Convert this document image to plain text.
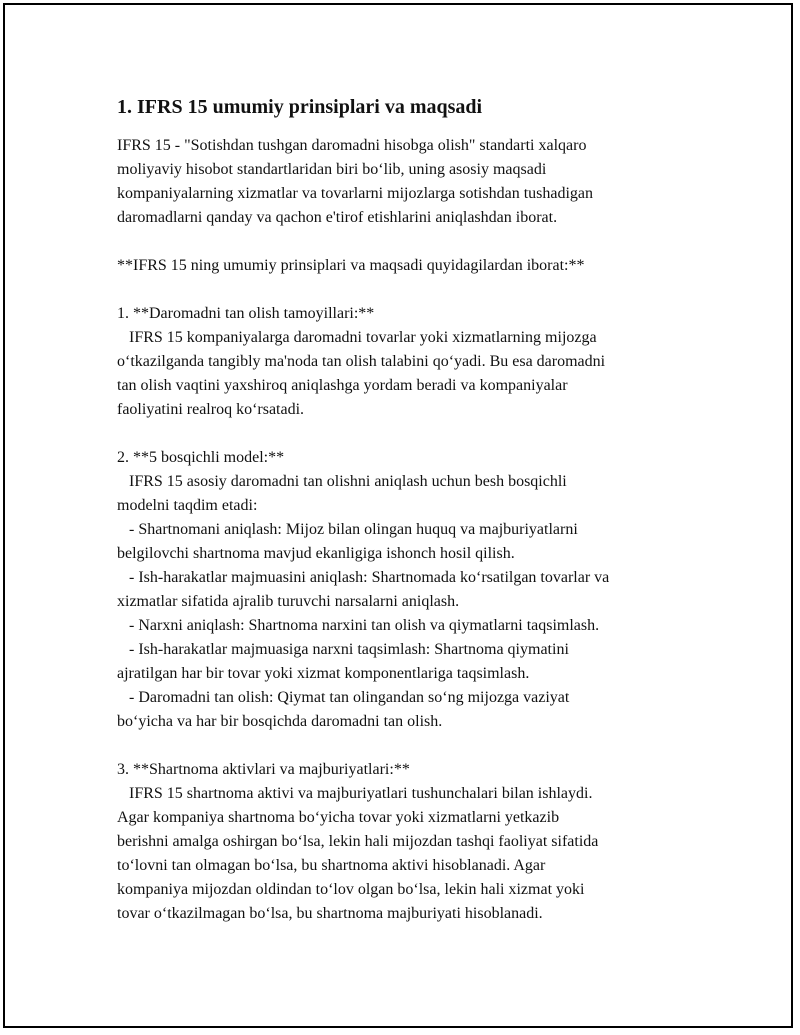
1. IFRS 15 umumiy prinsiplari va maqsadi
IFRS 15 - "Sotishdan tushgan daromadni hisobga olish" standarti xalqaro
moliyaviy hisobot standartlaridan biri bo‘lib, uning asosiy maqsadi
kompaniyalarning xizmatlar va tovarlarni mijozlarga sotishdan tushadigan
daromadlarni qanday va qachon e'tirof etishlarini aniqlashdan iborat.
**IFRS 15 ning umumiy prinsiplari va maqsadi quyidagilardan iborat:**
1. **Daromadni tan olish tamoyillari:**
IFRS 15 kompaniyalarga daromadni tovarlar yoki xizmatlarning mijozga
o‘tkazilganda tangibly ma'noda tan olish talabini qo‘yadi. Bu esa daromadni
tan olish vaqtini yaxshiroq aniqlashga yordam beradi va kompaniyalar
faoliyatini realroq ko‘rsatadi.
2. **5 bosqichli model:**
IFRS 15 asosiy daromadni tan olishni aniqlash uchun besh bosqichli
modelni taqdim etadi:
- Shartnomani aniqlash: Mijoz bilan olingan huquq va majburiyatlarni
belgilovchi shartnoma mavjud ekanligiga ishonch hosil qilish.
- Ish-harakatlar majmuasini aniqlash: Shartnomada ko‘rsatilgan tovarlar va
xizmatlar sifatida ajralib turuvchi narsalarni aniqlash.
- Narxni aniqlash: Shartnoma narxini tan olish va qiymatlarni taqsimlash.
- Ish-harakatlar majmuasiga narxni taqsimlash: Shartnoma qiymatini
ajratilgan har bir tovar yoki xizmat komponentlariga taqsimlash.
- Daromadni tan olish: Qiymat tan olingandan so‘ng mijozga vaziyat
bo‘yicha va har bir bosqichda daromadni tan olish.
3. **Shartnoma aktivlari va majburiyatlari:**
IFRS 15 shartnoma aktivi va majburiyatlari tushunchalari bilan ishlaydi.
Agar kompaniya shartnoma bo‘yicha tovar yoki xizmatlarni yetkazib
berishni amalga oshirgan bo‘lsa, lekin hali mijozdan tashqi faoliyat sifatida
to‘lovni tan olmagan bo‘lsa, bu shartnoma aktivi hisoblanadi. Agar
kompaniya mijozdan oldindan to‘lov olgan bo‘lsa, lekin hali xizmat yoki
tovar o‘tkazilmagan bo‘lsa, bu shartnoma majburiyati hisoblanadi.
